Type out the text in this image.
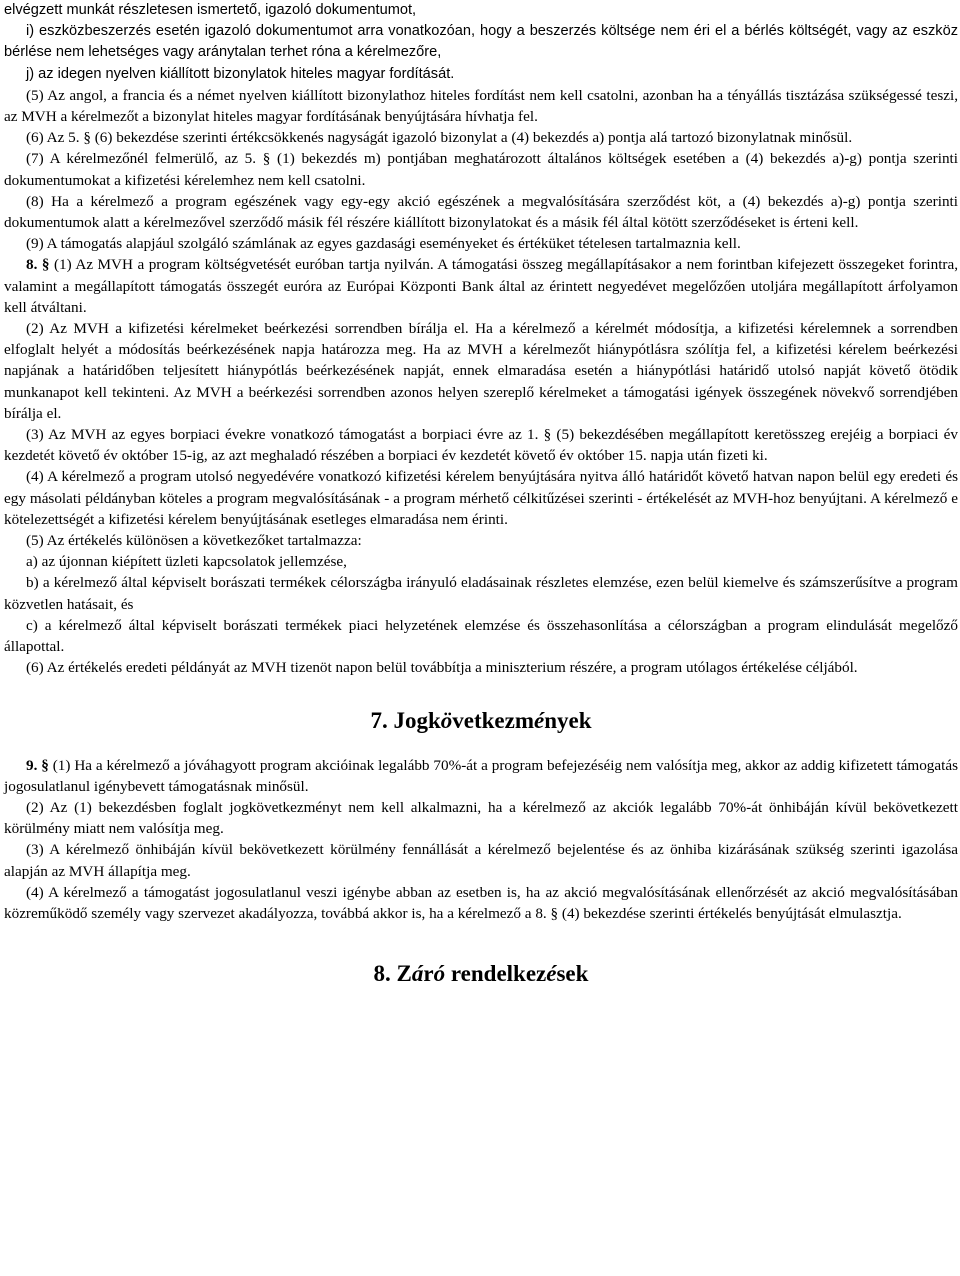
elvégzett munkát részletesen ismertető, igazoló dokumentumot,

i) eszközbeszerzés esetén igazoló dokumentumot arra vonatkozóan, hogy a beszerzés költsége nem éri el a bérlés költségét, vagy az eszköz bérlése nem lehetséges vagy aránytalan terhet róna a kérelmezőre,

j) az idegen nyelven kiállított bizonylatok hiteles magyar fordítását.

(5) Az angol, a francia és a német nyelven kiállított bizonylathoz hiteles fordítást nem kell csatolni, azonban ha a tényállás tisztázása szükségessé teszi, az MVH a kérelmezőt a bizonylat hiteles magyar fordításának benyújtására hívhatja fel.

(6) Az 5. § (6) bekezdése szerinti értékcsökkenés nagyságát igazoló bizonylat a (4) bekezdés a) pontja alá tartozó bizonylatnak minősül.

(7) A kérelmezőnél felmerülő, az 5. § (1) bekezdés m) pontjában meghatározott általános költségek esetében a (4) bekezdés a)-g) pontja szerinti dokumentumokat a kifizetési kérelemhez nem kell csatolni.

(8) Ha a kérelmező a program egészének vagy egy-egy akció egészének a megvalósítására szerződést köt, a (4) bekezdés a)-g) pontja szerinti dokumentumok alatt a kérelmezővel szerződő másik fél részére kiállított bizonylatokat és a másik fél által kötött szerződéseket is érteni kell.

(9) A támogatás alapjául szolgáló számlának az egyes gazdasági eseményeket és értéküket tételesen tartalmaznia kell.

8. § (1) Az MVH a program költségvetését euróban tartja nyilván. A támogatási összeg megállapításakor a nem forintban kifejezett összegeket forintra, valamint a megállapított támogatás összegét euróra az Európai Központi Bank által az érintett negyedévet megelőzően utoljára megállapított árfolyamon kell átváltani.

(2) Az MVH a kifizetési kérelmeket beérkezési sorrendben bírálja el. Ha a kérelmező a kérelmét módosítja, a kifizetési kérelemnek a sorrendben elfoglalt helyét a módosítás beérkezésének napja határozza meg. Ha az MVH a kérelmezőt hiánypótlásra szólítja fel, a kifizetési kérelem beérkezési napjának a határidőben teljesített hiánypótlás beérkezésének napját, ennek elmaradása esetén a hiánypótlási határidő utolsó napját követő ötödik munkanapot kell tekinteni. Az MVH a beérkezési sorrendben azonos helyen szereplő kérelmeket a támogatási igények összegének növekvő sorrendjében bírálja el.

(3) Az MVH az egyes borpiaci évekre vonatkozó támogatást a borpiaci évre az 1. § (5) bekezdésében megállapított keretösszeg erejéig a borpiaci év kezdetét követő év október 15-ig, az azt meghaladó részében a borpiaci év kezdetét követő év október 15. napja után fizeti ki.

(4) A kérelmező a program utolsó negyedévére vonatkozó kifizetési kérelem benyújtására nyitva álló határidőt követő hatvan napon belül egy eredeti és egy másolati példányban köteles a program megvalósításának - a program mérhető célkitűzései szerinti - értékelését az MVH-hoz benyújtani. A kérelmező e kötelezettségét a kifizetési kérelem benyújtásának esetleges elmaradása nem érinti.

(5) Az értékelés különösen a következőket tartalmazza:

a) az újonnan kiépített üzleti kapcsolatok jellemzése,

b) a kérelmező által képviselt borászati termékek célországba irányuló eladásainak részletes elemzése, ezen belül kiemelve és számszerűsítve a program közvetlen hatásait, és

c) a kérelmező által képviselt borászati termékek piaci helyzetének elemzése és összehasonlítása a célországban a program elindulását megelőző állapottal.

(6) Az értékelés eredeti példányát az MVH tizenöt napon belül továbbítja a miniszterium részére, a program utólagos értékelése céljából.

7. Jogkövetkezmények

9. § (1) Ha a kérelmező a jóváhagyott program akcióinak legalább 70%-át a program befejezéséig nem valósítja meg, akkor az addig kifizetett támogatás jogosulatlanul igénybevett támogatásnak minősül.

(2) Az (1) bekezdésben foglalt jogkövetkezményt nem kell alkalmazni, ha a kérelmező az akciók legalább 70%-át önhibáján kívül bekövetkezett körülmény miatt nem valósítja meg.

(3) A kérelmező önhibáján kívül bekövetkezett körülmény fennállását a kérelmező bejelentése és az önhiba kizárásának szükség szerinti igazolása alapján az MVH állapítja meg.

(4) A kérelmező a támogatást jogosulatlanul veszi igénybe abban az esetben is, ha az akció megvalósításának ellenőrzését az akció megvalósításában közreműködő személy vagy szervezet akadályozza, továbbá akkor is, ha a kérelmező a 8. § (4) bekezdése szerinti értékelés benyújtását elmulasztja.

8. Záró rendelkezések
